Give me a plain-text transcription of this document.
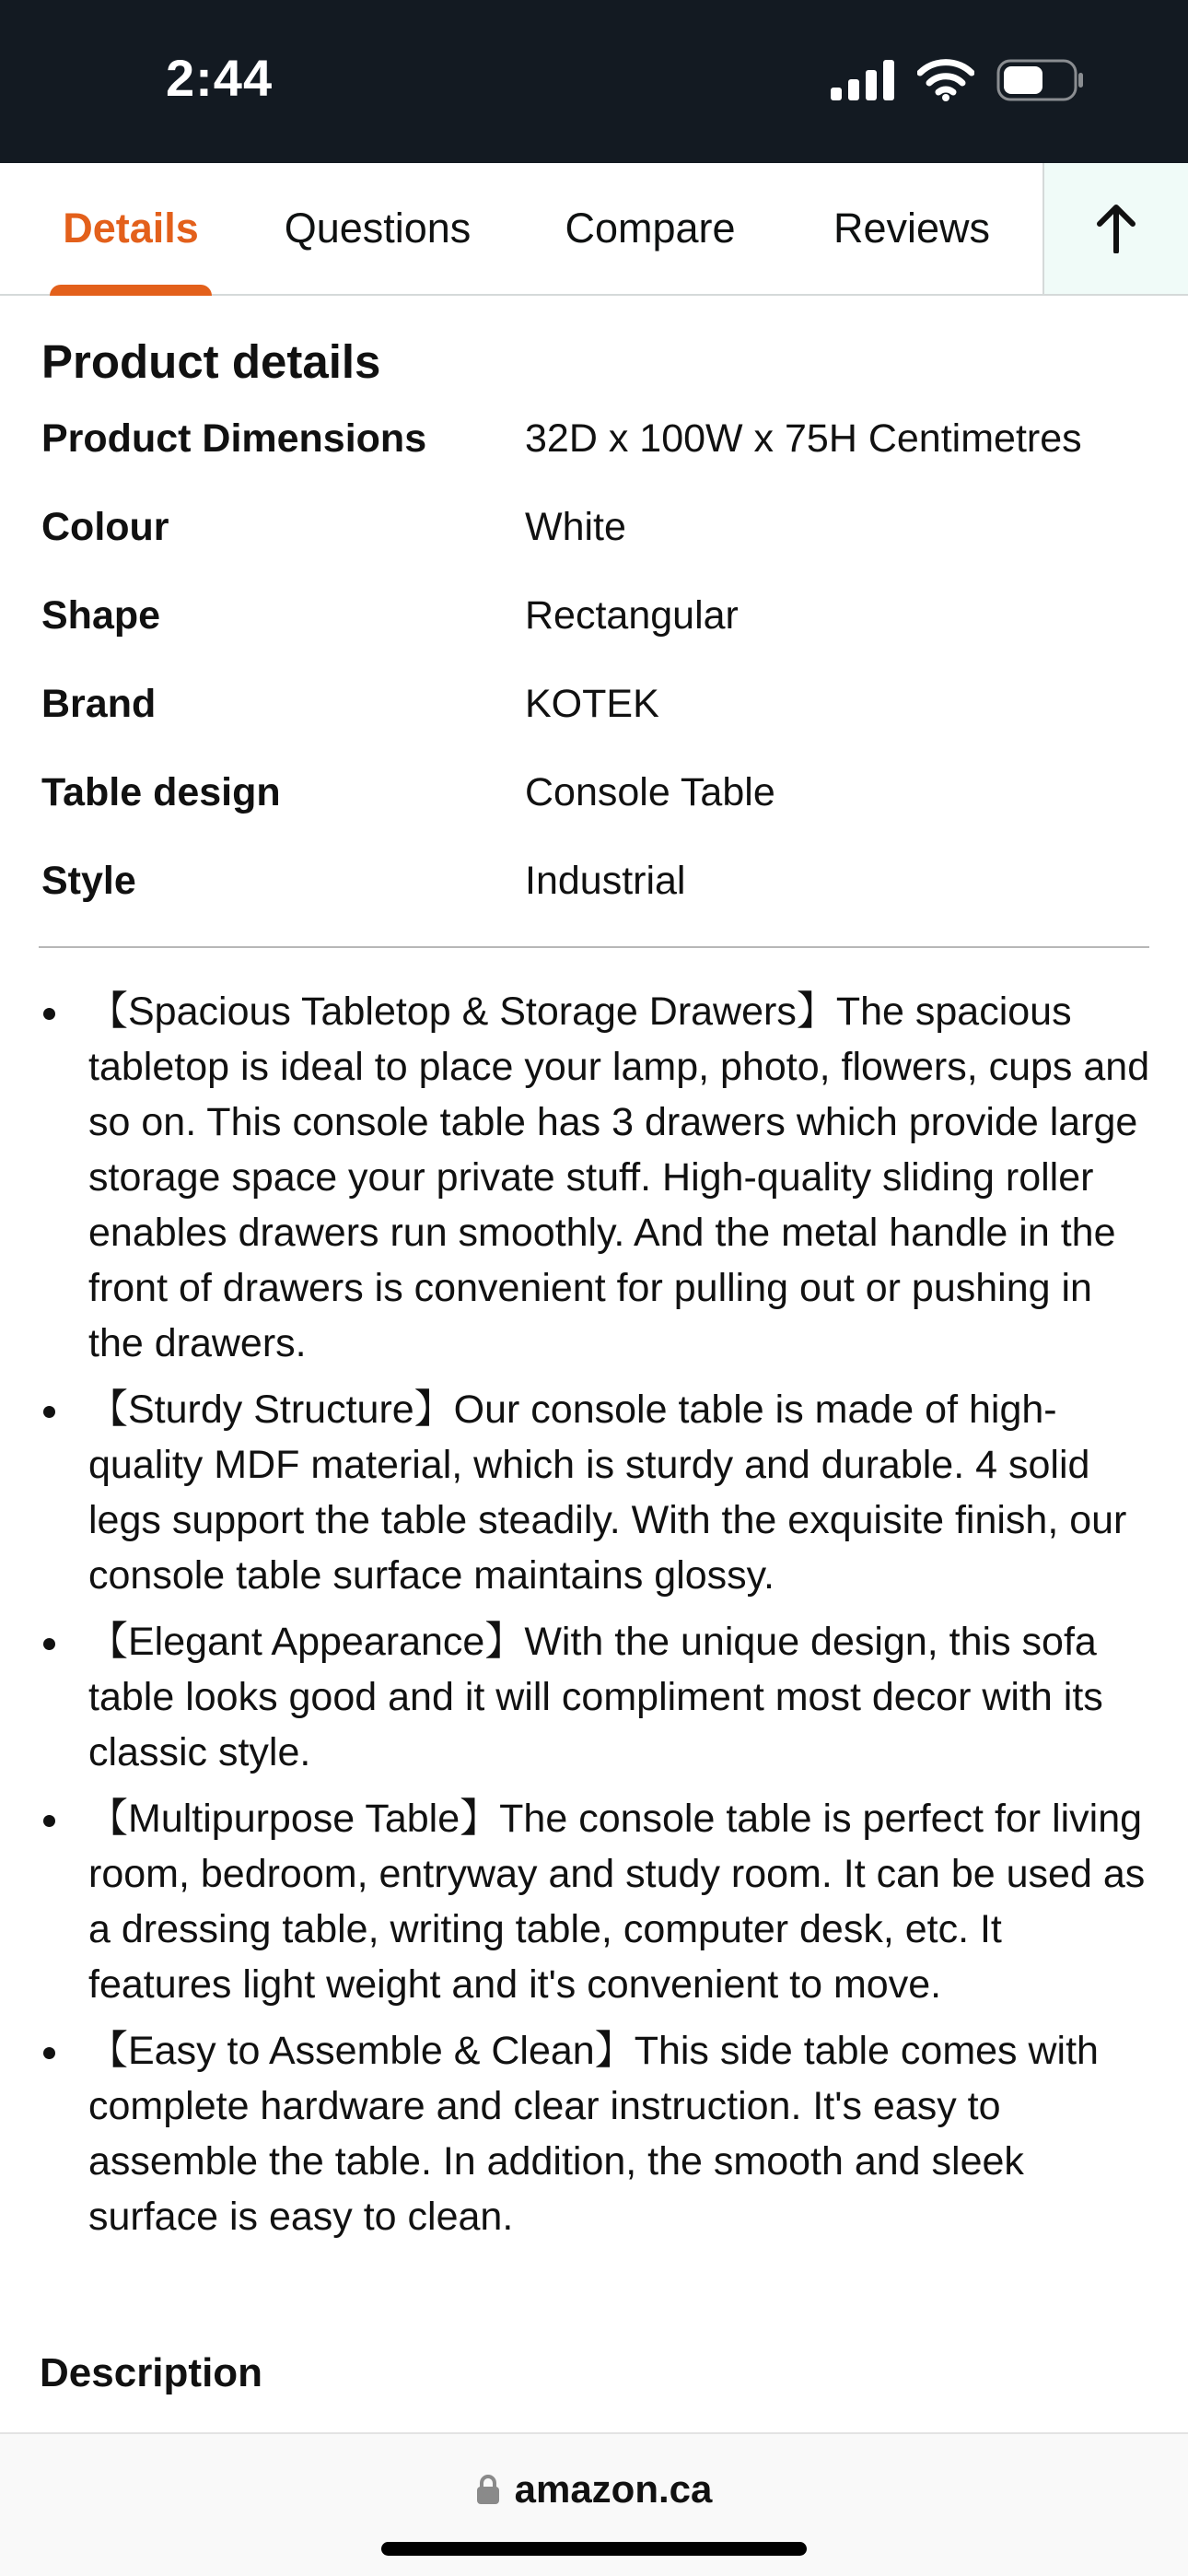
2:44
Details	Questions	Compare	Reviews
Product details
Product Dimensions 32D x 100W x 75H Centimetres
Colour	White
Shape	Rectangular
Brand	KOTEK
Table design	Console Table
Style	Industrial
【Spacious Tabletop & Storage Drawers】The spacious tabletop is ideal to place your lamp, photo, flowers, cups and so on. This console table has 3 drawers which provide large storage space your private stuff. High-quality sliding roller enables drawers run smoothly. And the metal handle in the front of drawers is convenient for pulling out or pushing in the drawers.
【Sturdy Structure】Our console table is made of high-quality MDF material, which is sturdy and durable. 4 solid legs support the table steadily. With the exquisite finish, our console table surface maintains glossy.
【Elegant Appearance】With the unique design, this sofa table looks good and it will compliment most decor with its classic style.
【Multipurpose Table】The console table is perfect for living room, bedroom, entryway and study room. It can be used as a dressing table, writing table, computer desk, etc. It features light weight and it's convenient to move.
【Easy to Assemble & Clean】This side table comes with complete hardware and clear instruction. It's easy to assemble the table. In addition, the smooth and sleek surface is easy to clean.
Description
amazon.ca
